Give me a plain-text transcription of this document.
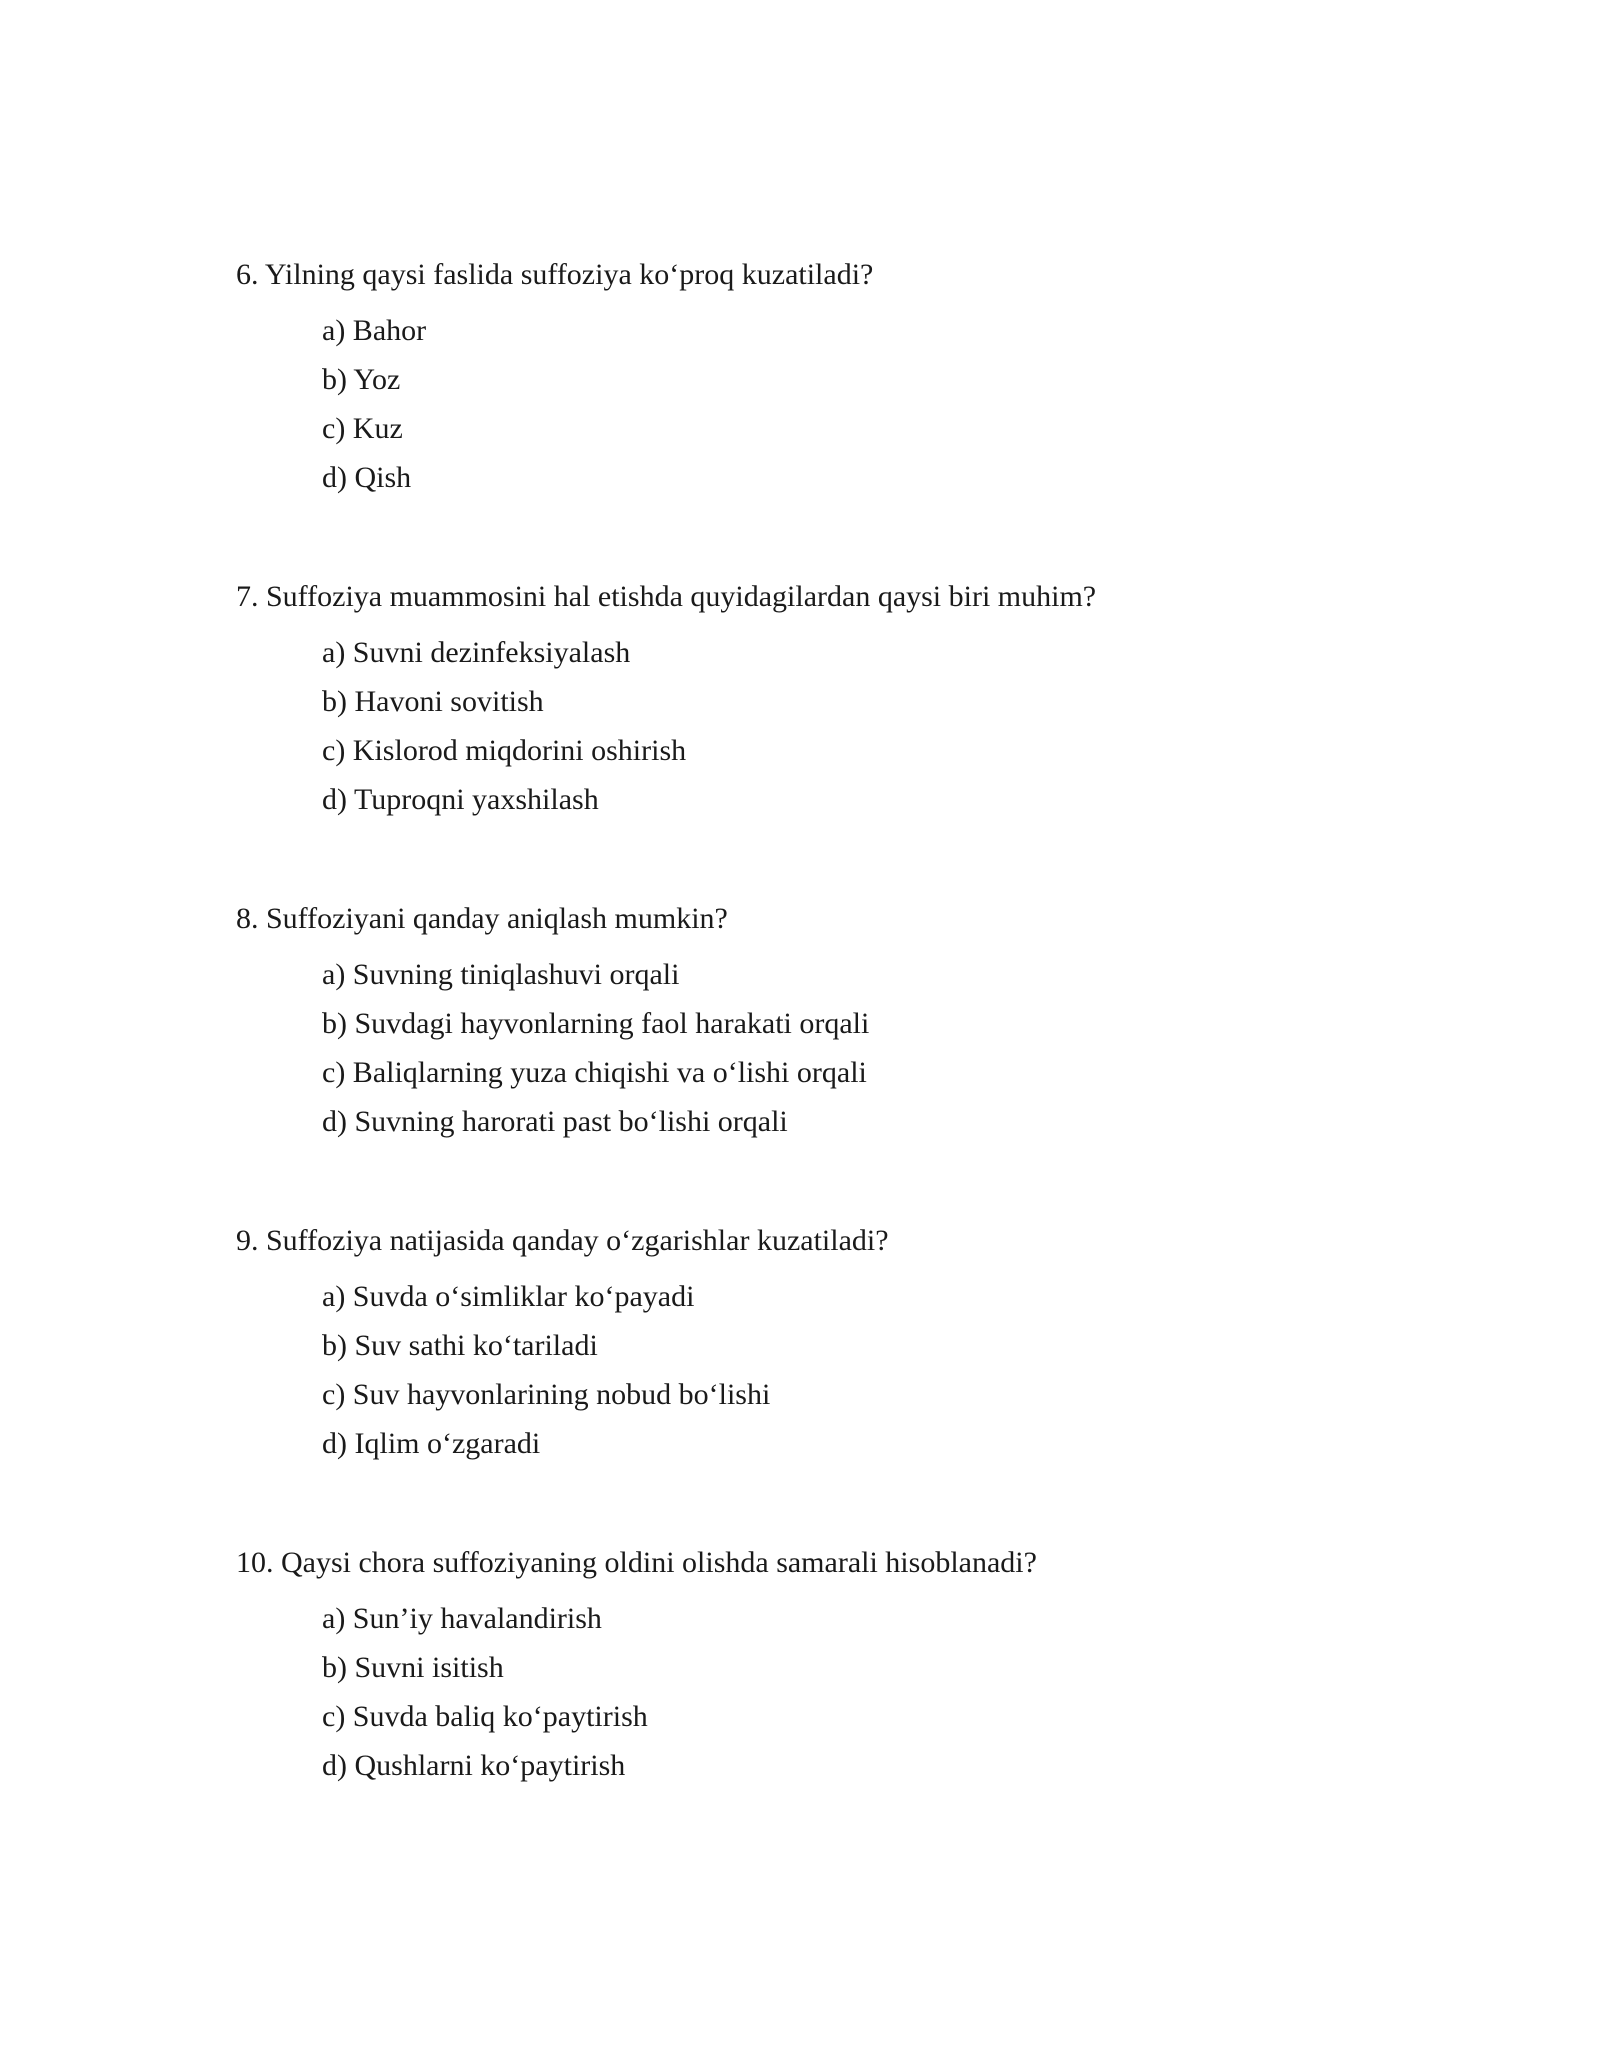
6. Yilning qaysi faslida suffoziya ko‘proq kuzatiladi?
a) Bahor
b) Yoz
c) Kuz
d) Qish
7. Suffoziya muammosini hal etishda quyidagilardan qaysi biri muhim?
a) Suvni dezinfeksiyalash
b) Havoni sovitish
c) Kislorod miqdorini oshirish
d) Tuproqni yaxshilash
8. Suffoziyani qanday aniqlash mumkin?
a) Suvning tiniqlashuvi orqali
b) Suvdagi hayvonlarning faol harakati orqali
c) Baliqlarning yuza chiqishi va o‘lishi orqali
d) Suvning harorati past bo‘lishi orqali
9. Suffoziya natijasida qanday o‘zgarishlar kuzatiladi?
a) Suvda o‘simliklar ko‘payadi
b) Suv sathi ko‘tariladi
c) Suv hayvonlarining nobud bo‘lishi
d) Iqlim o‘zgaradi
10. Qaysi chora suffoziyaning oldini olishda samarali hisoblanadi?
a) Sun’iy havalandirish
b) Suvni isitish
c) Suvda baliq ko‘paytirish
d) Qushlarni ko‘paytirish
